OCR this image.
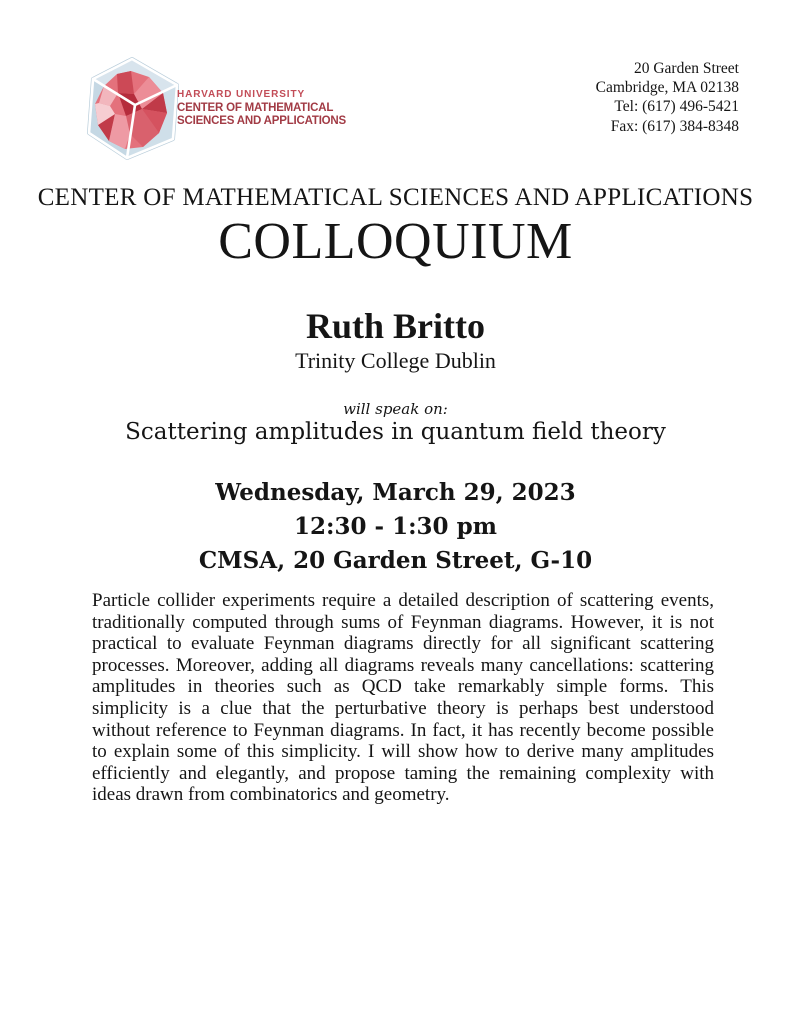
HARVARD UNIVERSITY
CENTER OF MATHEMATICAL
SCIENCES AND APPLICATIONS
20 Garden Street
Cambridge, MA 02138
Tel: (617) 496-5421
Fax: (617) 384-8348
CENTER OF MATHEMATICAL SCIENCES AND APPLICATIONS
COLLOQUIUM
Ruth Britto
Trinity College Dublin
will speak on:
Scattering amplitudes in quantum field theory
Wednesday, March 29, 2023
12:30 - 1:30 pm
CMSA, 20 Garden Street, G-10
Particle collider experiments require a detailed description of scattering events, traditionally computed through sums of Feynman diagrams. However, it is not practical to evaluate Feynman diagrams directly for all significant scattering processes. Moreover, adding all diagrams reveals many cancellations: scattering amplitudes in theories such as QCD take remarkably simple forms. This simplicity is a clue that the perturbative theory is perhaps best understood without reference to Feynman diagrams. In fact, it has recently become possible to explain some of this simplicity. I will show how to derive many amplitudes efficiently and elegantly, and propose taming the remaining complexity with ideas drawn from combinatorics and geometry.
